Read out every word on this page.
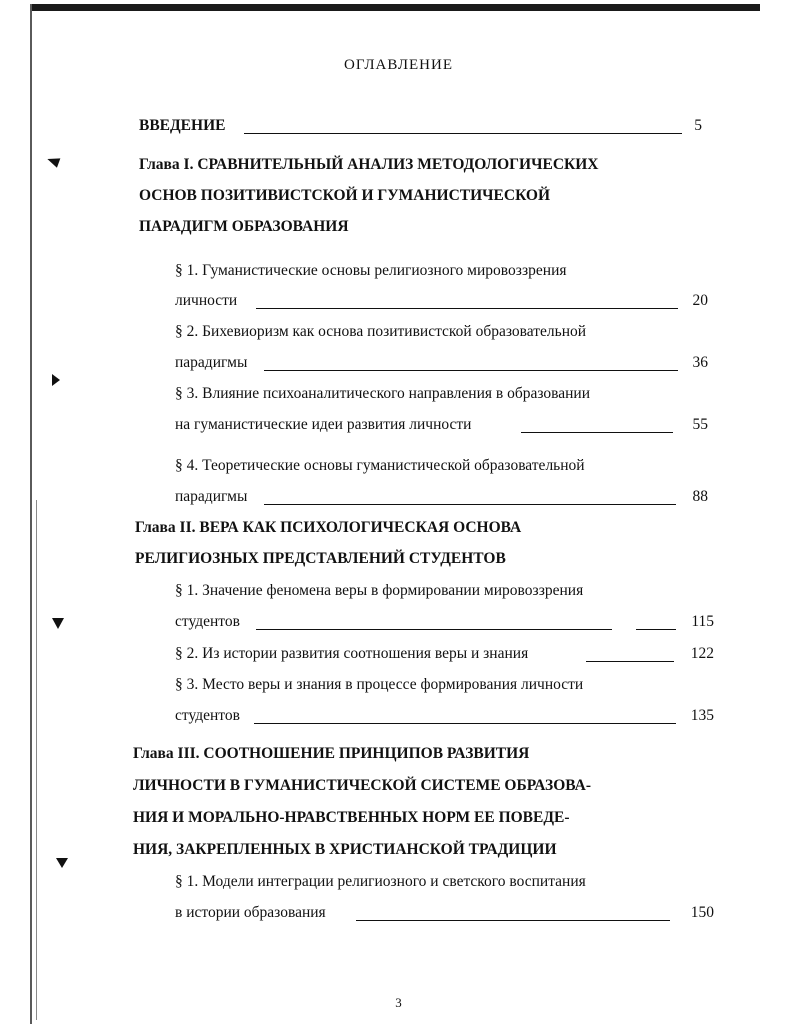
ОГЛАВЛЕНИЕ
ВВЕДЕНИЕ	5
Глава I. СРАВНИТЕЛЬНЫЙ АНАЛИЗ МЕТОДОЛОГИЧЕСКИХ
ОСНОВ ПОЗИТИВИСТСКОЙ И ГУМАНИСТИЧЕСКОЙ
ПАРАДИГМ ОБРАЗОВАНИЯ
§ 1. Гуманистические основы религиозного мировоззрения
личности	20
§ 2. Бихевиоризм как основа позитивистской образовательной
парадигмы	36
§ 3. Влияние психоаналитического направления в образовании
на гуманистические идеи развития личности	55
§ 4. Теоретические основы гуманистической образовательной
парадигмы	88
Глава II. ВЕРА КАК ПСИХОЛОГИЧЕСКАЯ ОСНОВА
РЕЛИГИОЗНЫХ ПРЕДСТАВЛЕНИЙ СТУДЕНТОВ
§ 1. Значение феномена веры в формировании мировоззрения
студентов	115
§ 2. Из истории развития соотношения веры и знания	122
§ 3. Место веры и знания в процессе формирования личности
студентов	135
Глава III. СООТНОШЕНИЕ ПРИНЦИПОВ РАЗВИТИЯ
ЛИЧНОСТИ В ГУМАНИСТИЧЕСКОЙ СИСТЕМЕ ОБРАЗОВА-
НИЯ И МОРАЛЬНО-НРАВСТВЕННЫХ НОРМ ЕЕ ПОВЕДЕ-
НИЯ, ЗАКРЕПЛЕННЫХ В ХРИСТИАНСКОЙ ТРАДИЦИИ
§ 1. Модели интеграции религиозного и светского воспитания
в истории образования	150
3
